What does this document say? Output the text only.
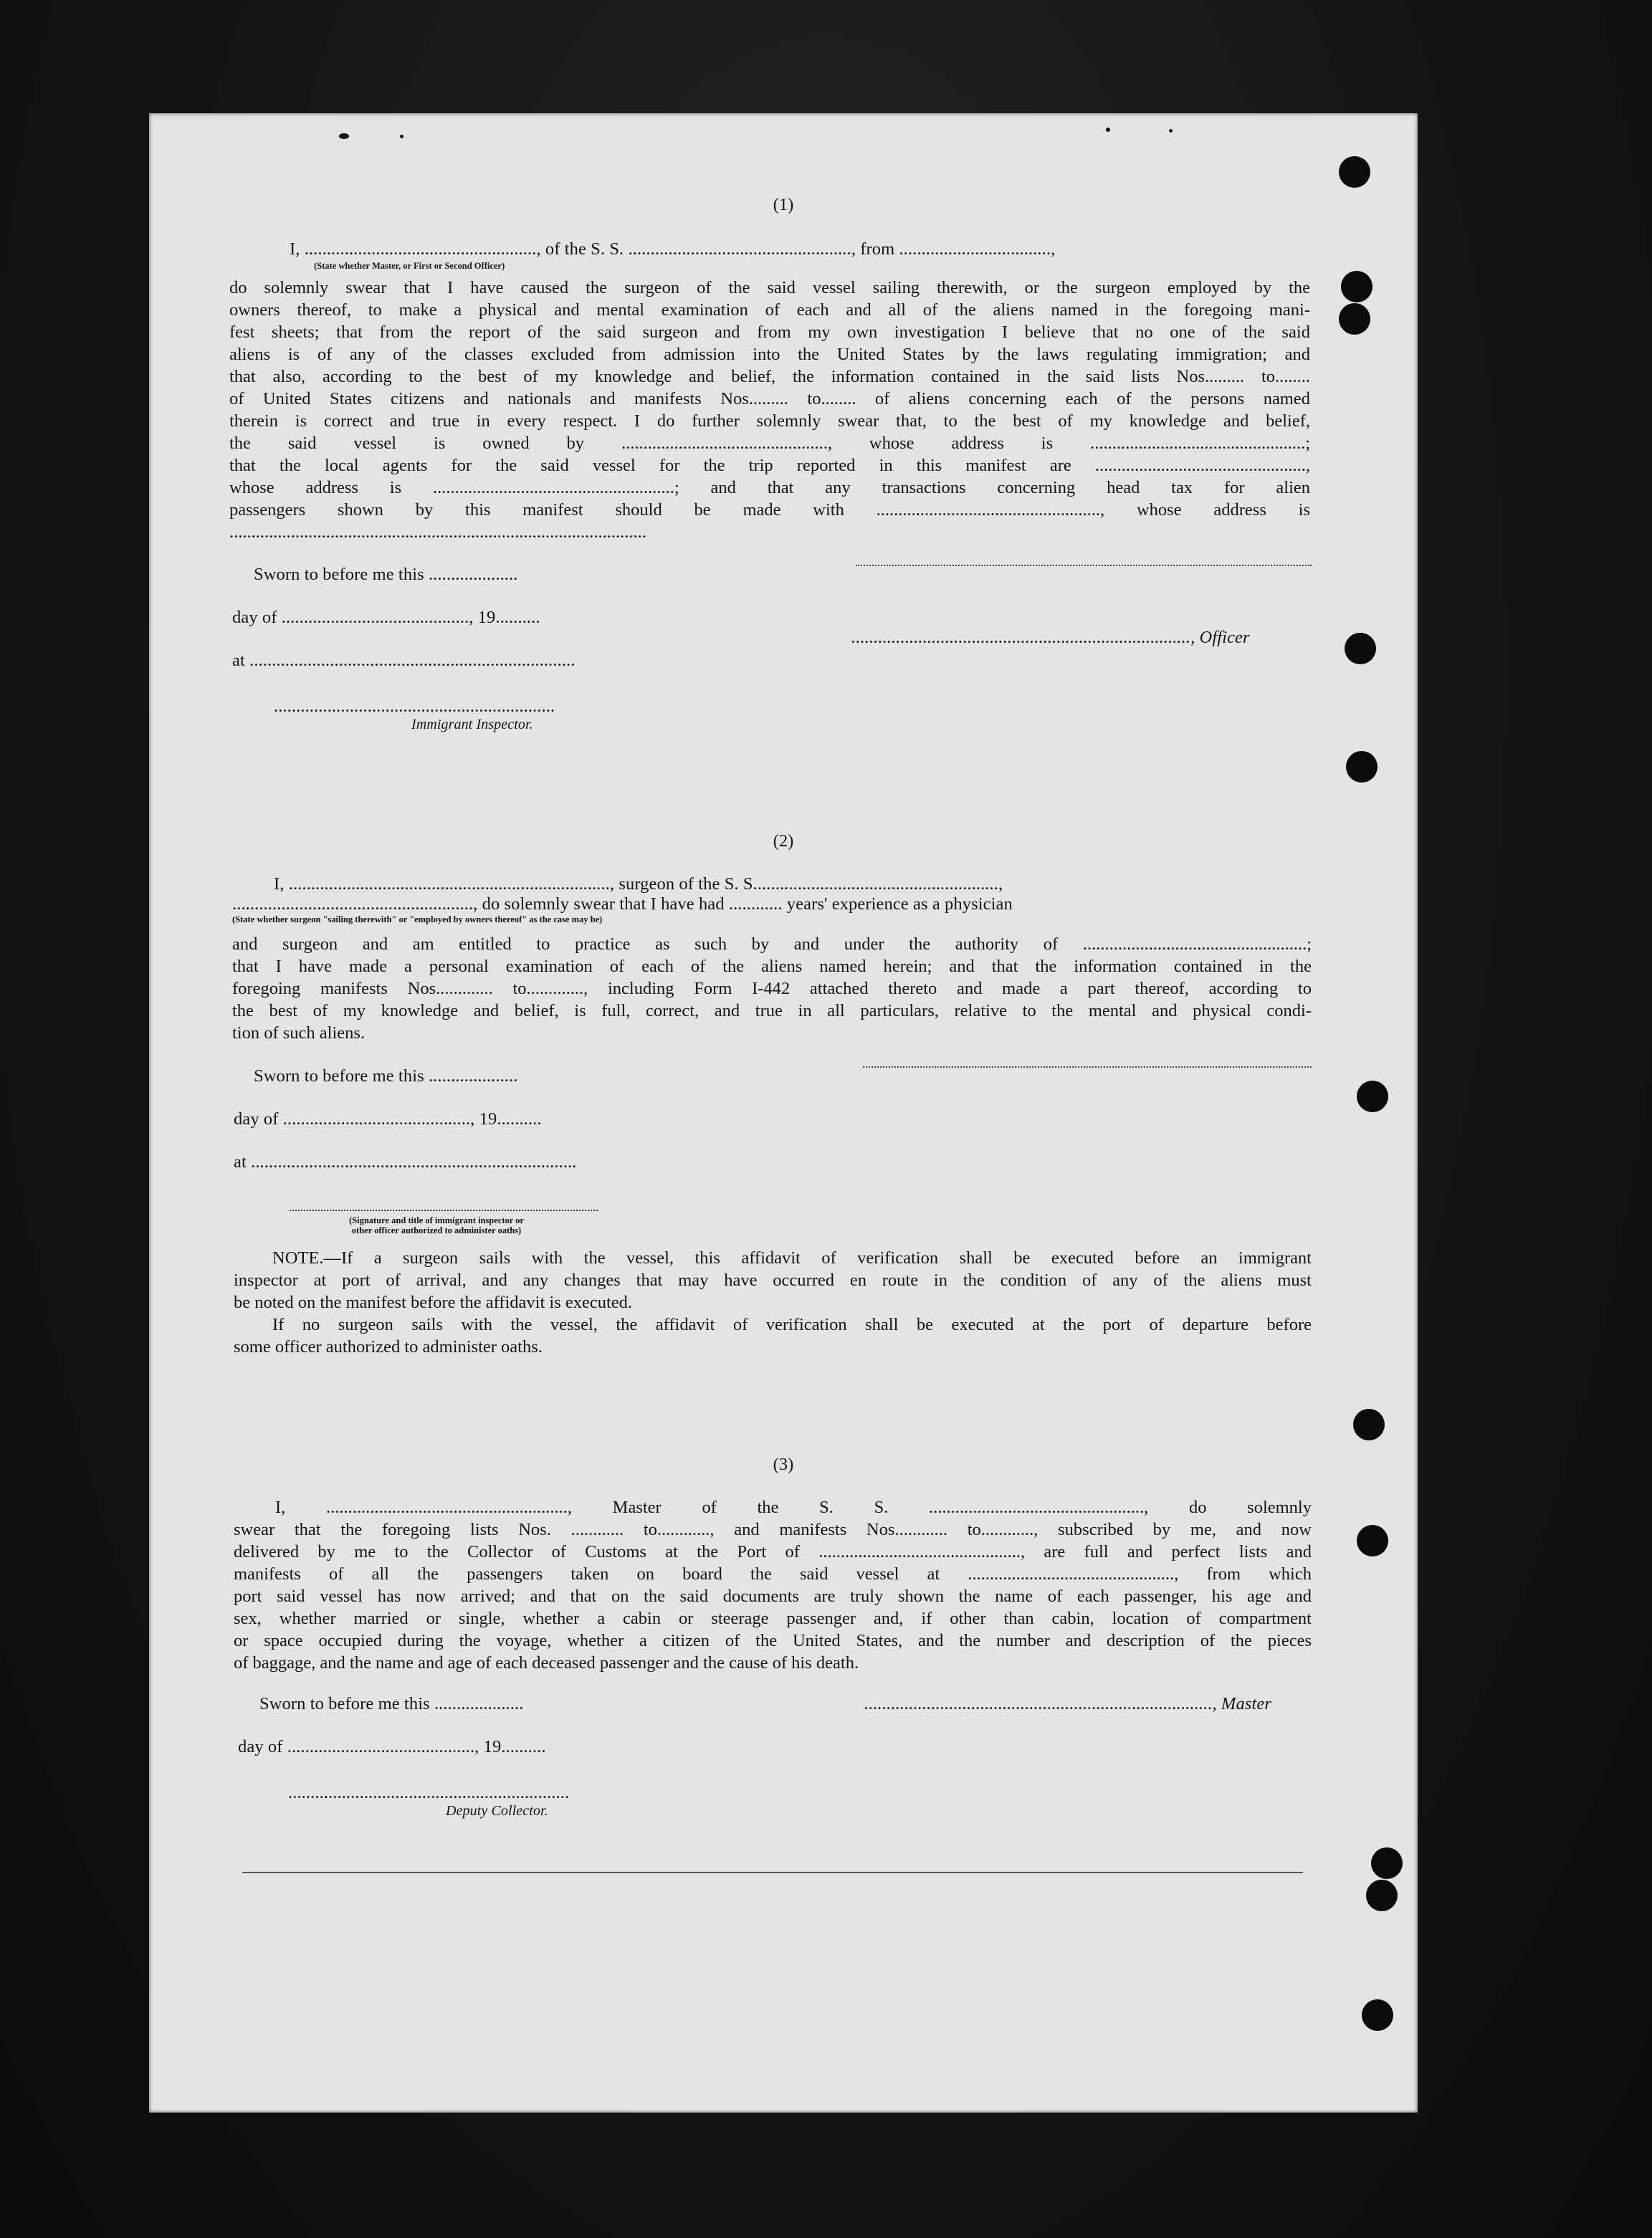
(1)
I, ...................................................., of the S. S. .................................................., from ..................................,
(State whether Master, or First or Second Officer)

do solemnly swear that I have caused the surgeon of the said vessel sailing therewith, or the surgeon employed by the

owners thereof, to make a physical and mental examination of each and all of the aliens named in the foregoing mani-

fest sheets; that from the report of the said surgeon and from my own investigation I believe that no one of the said

aliens is of any of the classes excluded from admission into the United States by the laws regulating immigration; and

that also, according to the best of my knowledge and belief, the information contained in the said lists Nos......... to........

of United States citizens and nationals and manifests Nos......... to........ of aliens concerning each of the persons named

therein is correct and true in every respect. I do further solemnly swear that, to the best of my knowledge and belief,

the said vessel is owned by ..............................................., whose address is .................................................;

that the local agents for the said vessel for the trip reported in this manifest are ................................................,

whose address is .......................................................; and that any transactions concerning head tax for alien

passengers shown by this manifest should be made with ..................................................., whose address is

...............................................................................................

Sworn to before me this ....................
day of .........................................., 19..........
............................................................................, Officer
at .........................................................................
...............................................................
Immigrant Inspector.
(2)
I, ........................................................................, surgeon of the S. S.......................................................,
......................................................, do solemnly swear that I have had ............ years' experience as a physician
(State whether surgeon "sailing therewith" or "employed by owners thereof" as the case may be)

and surgeon and am entitled to practice as such by and under the authority of ...................................................;

that I have made a personal examination of each of the aliens named herein; and that the information contained in the

foregoing manifests Nos............. to............., including Form I-442 attached thereto and made a part thereof, according to

the best of my knowledge and belief, is full, correct, and true in all particulars, relative to the mental and physical condi-

tion of such aliens.

Sworn to before me this ....................
day of .........................................., 19..........
at .........................................................................
(Signature and title of immigrant inspector or
other officer authorized to administer oaths)

NOTE.—If a surgeon sails with the vessel, this affidavit of verification shall be executed before an immigrant

inspector at port of arrival, and any changes that may have occurred en route in the condition of any of the aliens must

be noted on the manifest before the affidavit is executed.

If no surgeon sails with the vessel, the affidavit of verification shall be executed at the port of departure before

some officer authorized to administer oaths.

(3)

I, ......................................................., Master of the S. S. ................................................., do solemnly

swear that the foregoing lists Nos. ............ to............, and manifests Nos............ to............, subscribed by me, and now

delivered by me to the Collector of Customs at the Port of .............................................., are full and perfect lists and

manifests of all the passengers taken on board the said vessel at ..............................................., from which

port said vessel has now arrived; and that on the said documents are truly shown the name of each passenger, his age and

sex, whether married or single, whether a cabin or steerage passenger and, if other than cabin, location of compartment

or space occupied during the voyage, whether a citizen of the United States, and the number and description of the pieces

of baggage, and the name and age of each deceased passenger and the cause of his death.

Sworn to before me this ....................	.............................................................................., Master
day of .........................................., 19..........
...............................................................
Deputy Collector.
